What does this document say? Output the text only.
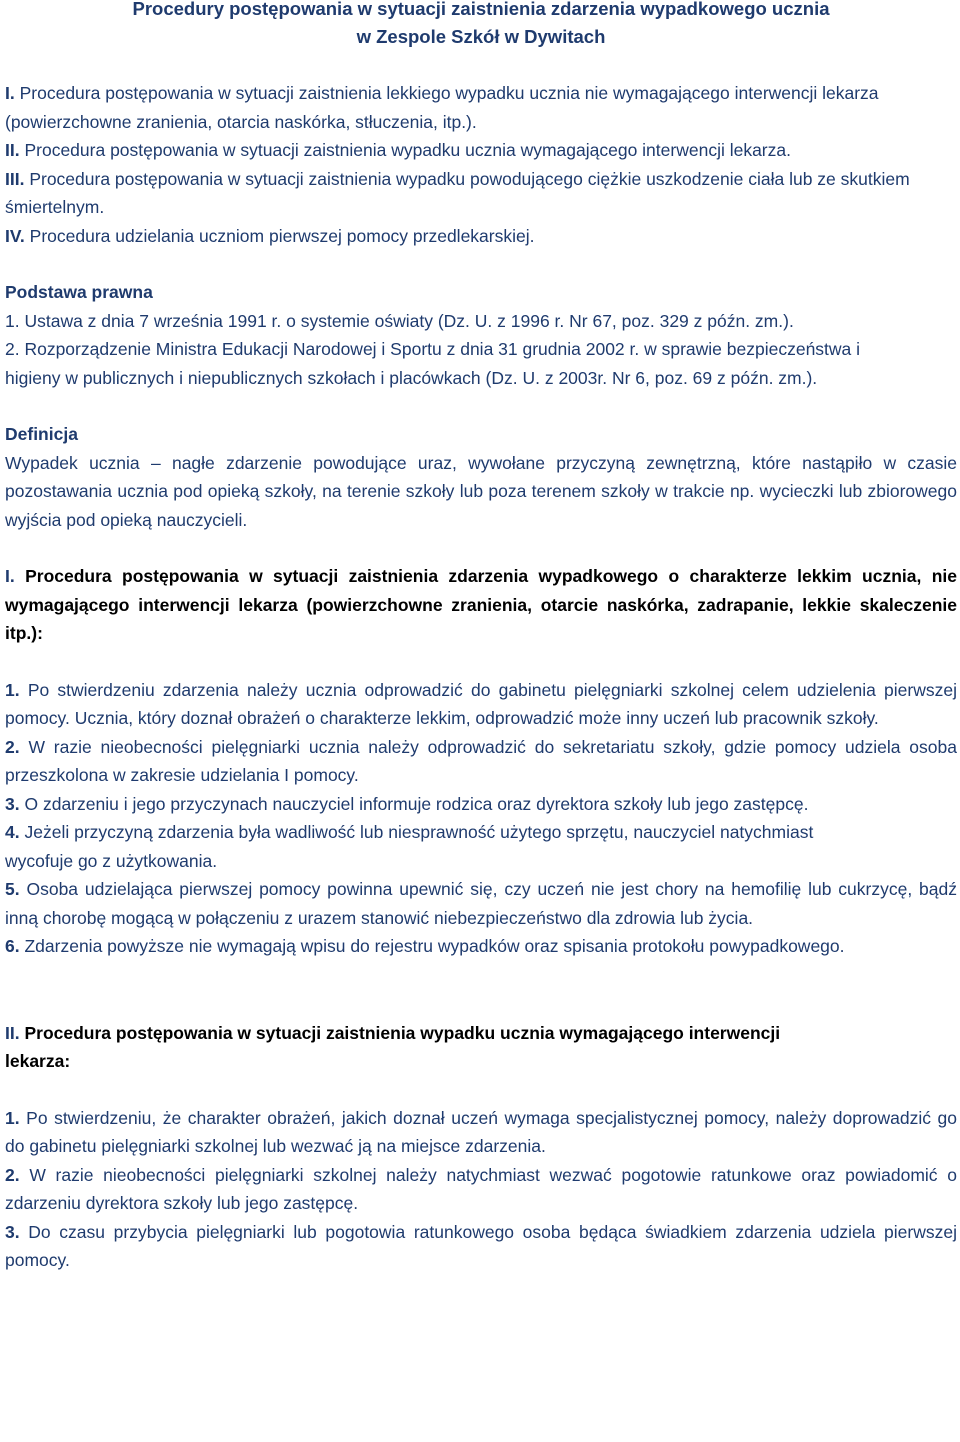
Procedury postępowania w sytuacji zaistnienia zdarzenia wypadkowego ucznia

w Zespole Szkół w Dywitach

I. Procedura postępowania w sytuacji zaistnienia lekkiego wypadku ucznia nie wymagającego interwencji lekarza (powierzchowne zranienia, otarcia naskórka, stłuczenia, itp.).

II. Procedura postępowania w sytuacji zaistnienia wypadku ucznia wymagającego interwencji lekarza.

III. Procedura postępowania w sytuacji zaistnienia wypadku powodującego ciężkie uszkodzenie ciała lub ze skutkiem śmiertelnym.

IV. Procedura udzielania uczniom pierwszej pomocy przedlekarskiej.

Podstawa prawna

1. Ustawa z dnia 7 września 1991 r. o systemie oświaty (Dz. U. z 1996 r. Nr 67, poz. 329 z późn. zm.).

2. Rozporządzenie Ministra Edukacji Narodowej i Sportu z dnia 31 grudnia 2002 r. w sprawie bezpieczeństwa i higieny w publicznych i niepublicznych szkołach i placówkach (Dz. U. z 2003r. Nr 6, poz. 69 z późn. zm.).

Definicja

Wypadek ucznia – nagłe zdarzenie powodujące uraz, wywołane przyczyną zewnętrzną, które nastąpiło w czasie pozostawania ucznia pod opieką szkoły, na terenie szkoły lub poza terenem szkoły w trakcie np. wycieczki lub zbiorowego wyjścia pod opieką nauczycieli.

I. Procedura postępowania w sytuacji zaistnienia zdarzenia wypadkowego o charakterze lekkim ucznia, nie wymagającego interwencji lekarza (powierzchowne zranienia, otarcie naskórka, zadrapanie, lekkie skaleczenie itp.):

1. Po stwierdzeniu zdarzenia należy ucznia odprowadzić do gabinetu pielęgniarki szkolnej celem udzielenia pierwszej pomocy. Ucznia, który doznał obrażeń o charakterze lekkim, odprowadzić może inny uczeń lub pracownik szkoły.

2. W razie nieobecności pielęgniarki ucznia należy odprowadzić do sekretariatu szkoły, gdzie pomocy udziela osoba przeszkolona w zakresie udzielania I pomocy.

3. O zdarzeniu i jego przyczynach nauczyciel informuje rodzica oraz dyrektora szkoły lub jego zastępcę.

4. Jeżeli przyczyną zdarzenia była wadliwość lub niesprawność użytego sprzętu, nauczyciel natychmiast wycofuje go z użytkowania.

5. Osoba udzielająca pierwszej pomocy powinna upewnić się, czy uczeń nie jest chory na hemofilię lub cukrzycę, bądź inną chorobę mogącą w połączeniu z urazem stanowić niebezpieczeństwo dla zdrowia lub życia.

6. Zdarzenia powyższe nie wymagają wpisu do rejestru wypadków oraz spisania protokołu powypadkowego.

II. Procedura postępowania w sytuacji zaistnienia wypadku ucznia wymagającego interwencji lekarza:

1. Po stwierdzeniu, że charakter obrażeń, jakich doznał uczeń wymaga specjalistycznej pomocy, należy doprowadzić go do gabinetu pielęgniarki szkolnej lub wezwać ją na miejsce zdarzenia.

2. W razie nieobecności pielęgniarki szkolnej należy natychmiast wezwać pogotowie ratunkowe oraz powiadomić o zdarzeniu dyrektora szkoły lub jego zastępcę.

3. Do czasu przybycia pielęgniarki lub pogotowia ratunkowego osoba będąca świadkiem zdarzenia udziela pierwszej pomocy.
